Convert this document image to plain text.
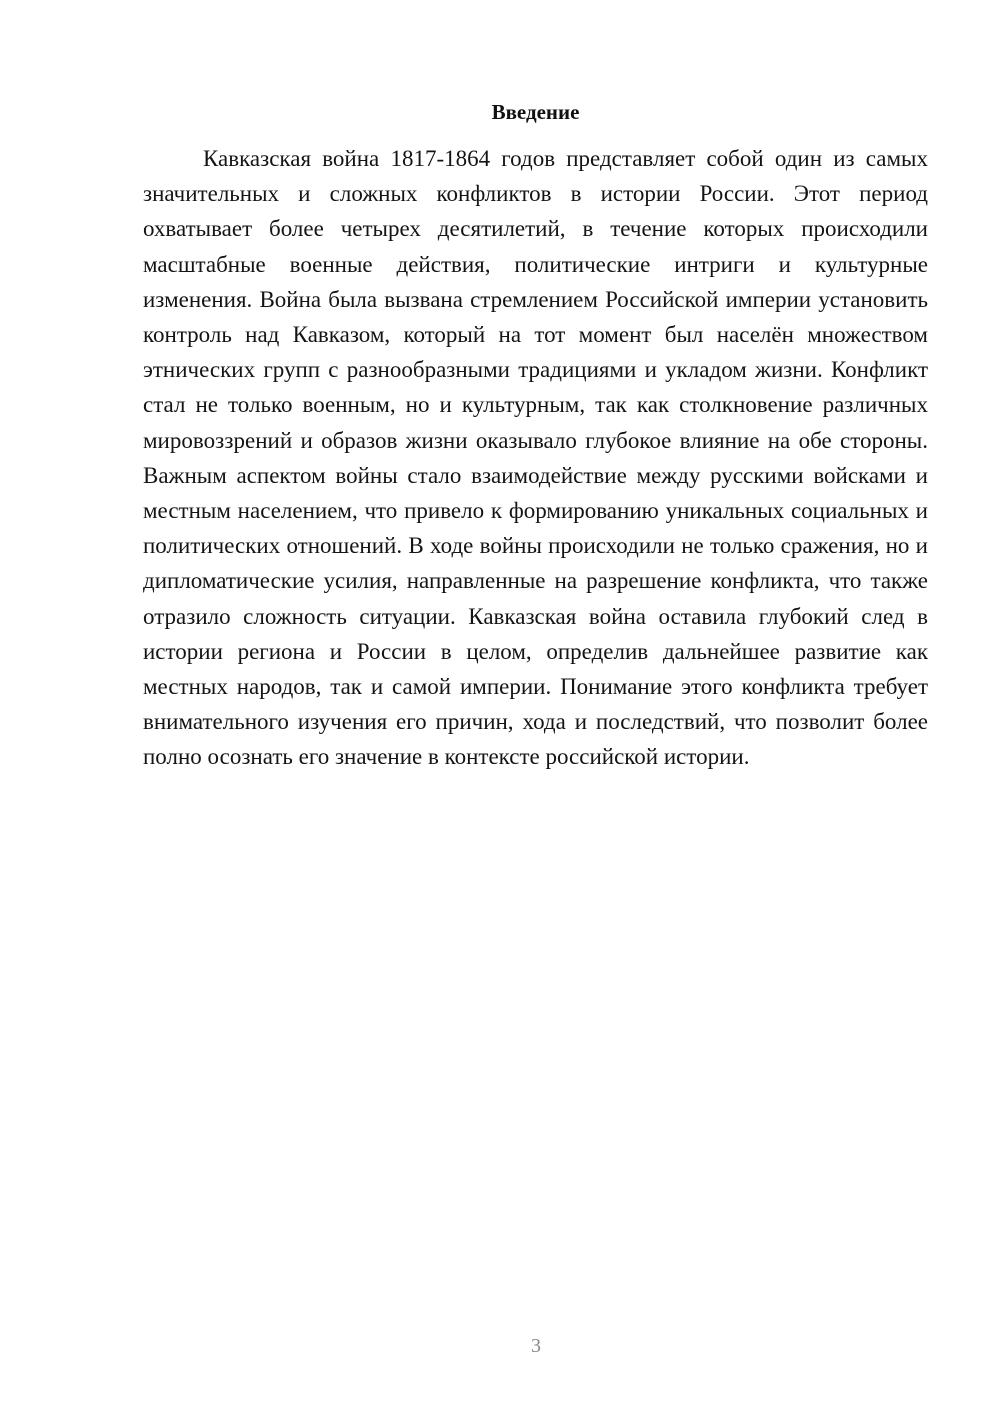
Введение

Кавказская война 1817-1864 годов представляет собой один из самых значительных и сложных конфликтов в истории России. Этот период охватывает более четырех десятилетий, в течение которых происходили масштабные военные действия, политические интриги и культурные изменения. Война была вызвана стремлением Российской империи установить контроль над Кавказом, который на тот момент был населён множеством этнических групп с разнообразными традициями и укладом жизни. Конфликт стал не только военным, но и культурным, так как столкновение различных мировоззрений и образов жизни оказывало глубокое влияние на обе стороны. Важным аспектом войны стало взаимодействие между русскими войсками и местным населением, что привело к формированию уникальных социальных и политических отношений. В ходе войны происходили не только сражения, но и дипломатические усилия, направленные на разрешение конфликта, что также отразило сложность ситуации. Кавказская война оставила глубокий след в истории региона и России в целом, определив дальнейшее развитие как местных народов, так и самой империи. Понимание этого конфликта требует внимательного изучения его причин, хода и последствий, что позволит более полно осознать его значение в контексте российской истории.

3
